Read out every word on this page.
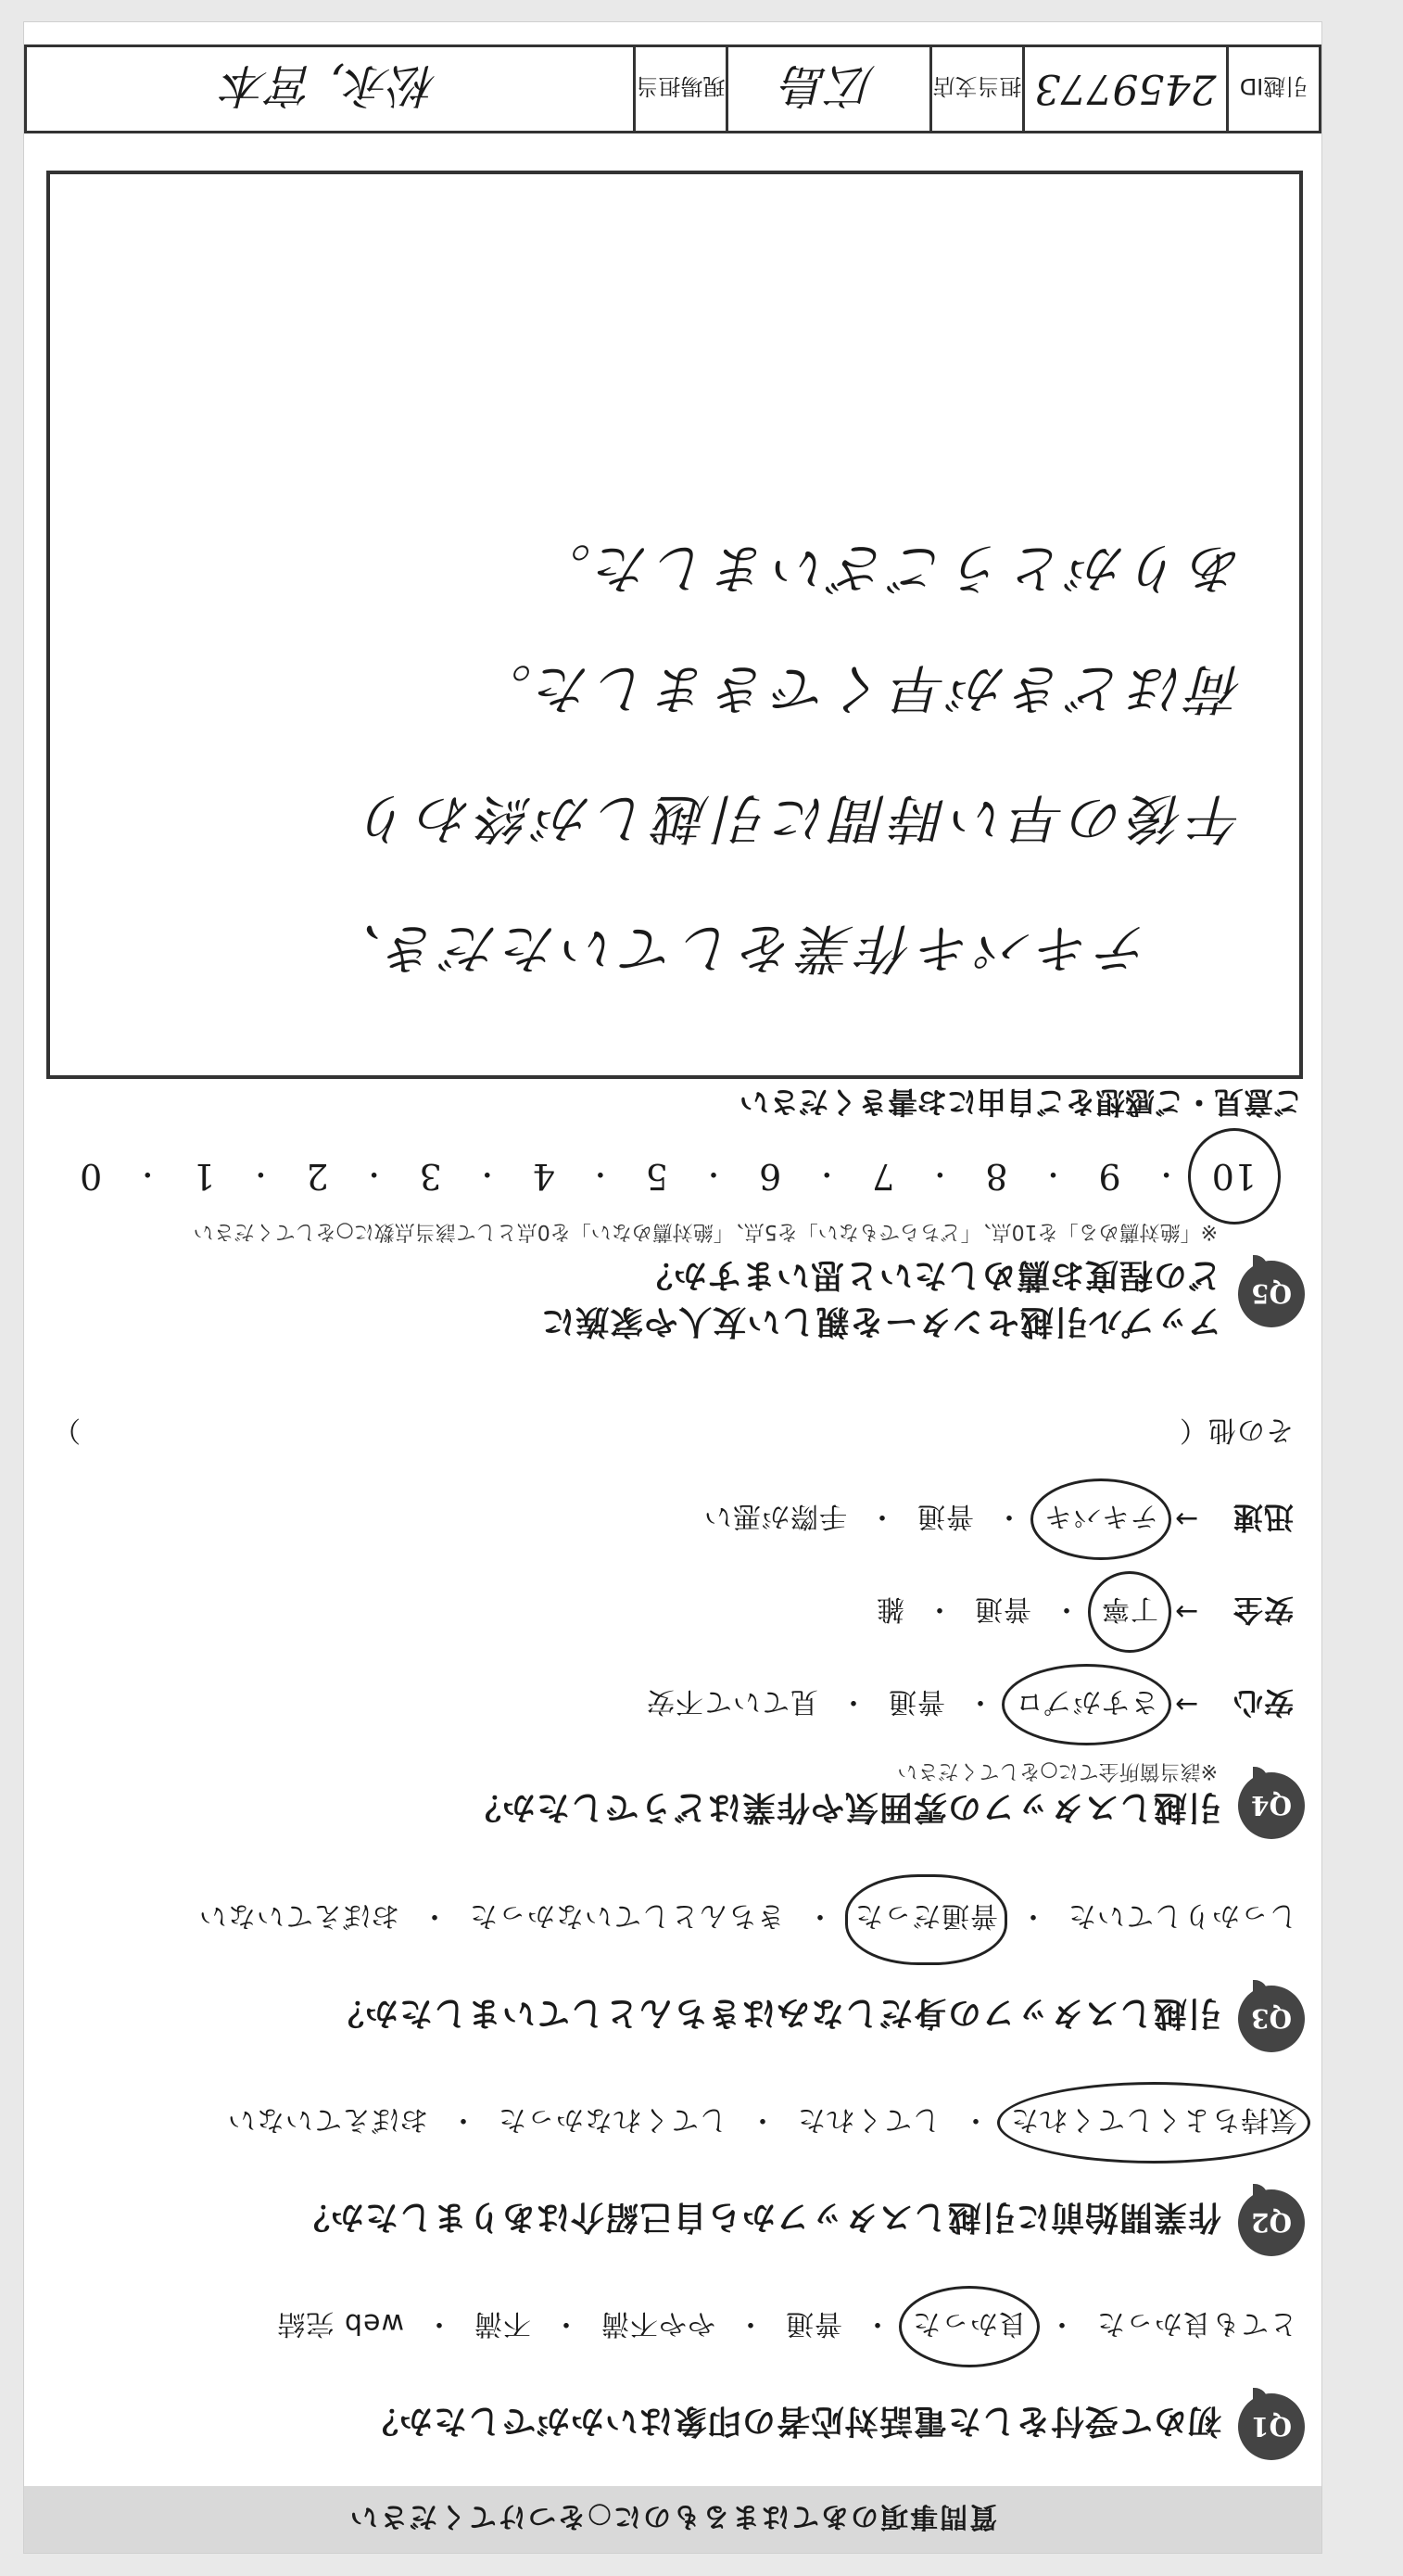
質問事項のあてはまるものに○をつけてください
Q1
初めて受付をした電話対応者の印象はいかがでしたか？
とても良かった
・
良かった
・
普通
・
やや不満
・
不満
・
web 完結
Q2
作業開始前に引越しスタッフから自己紹介はありましたか？
気持ちよくしてくれた
・
してくれた
・
してくれなかった
・
おぼえていない
Q3
引越しスタッフの身だしなみはきちんとしていましたか？
しっかりしていた
・
普通だった
・
きちんとしていなかった
・
おぼえていない
Q4
引越しスタッフの雰囲気や作業はどうでしたか？
※該当箇所全てに○をしてください
安心
→
さすがプロ
・
普通
・
見ていて不安
安全
→
丁寧
・
普通
・
雑
迅速
→
テキパキ
・
普通
・
手際が悪い
その他（
）
Q5
アップル引越センターを親しい友人や家族に
どの程度お薦めしたいと思いますか？
※「絶対薦める」を10点、「どちらでもない」を5点、「絶対薦めない」を0点として該当点数に○をしてください
10
・
9
・
8
・
7
・
6
・
5
・
4
・
3
・
2
・
1
・
0
ご意見・ご感想をご自由にお書きください
テキパキ作業をしていただき、
午後の早い時間に引越しが終わり
荷ほどきが早くできました。
ありがとうございました。
引越ID
2459773
担当支店
広島
現場担当
松永, 宮本
